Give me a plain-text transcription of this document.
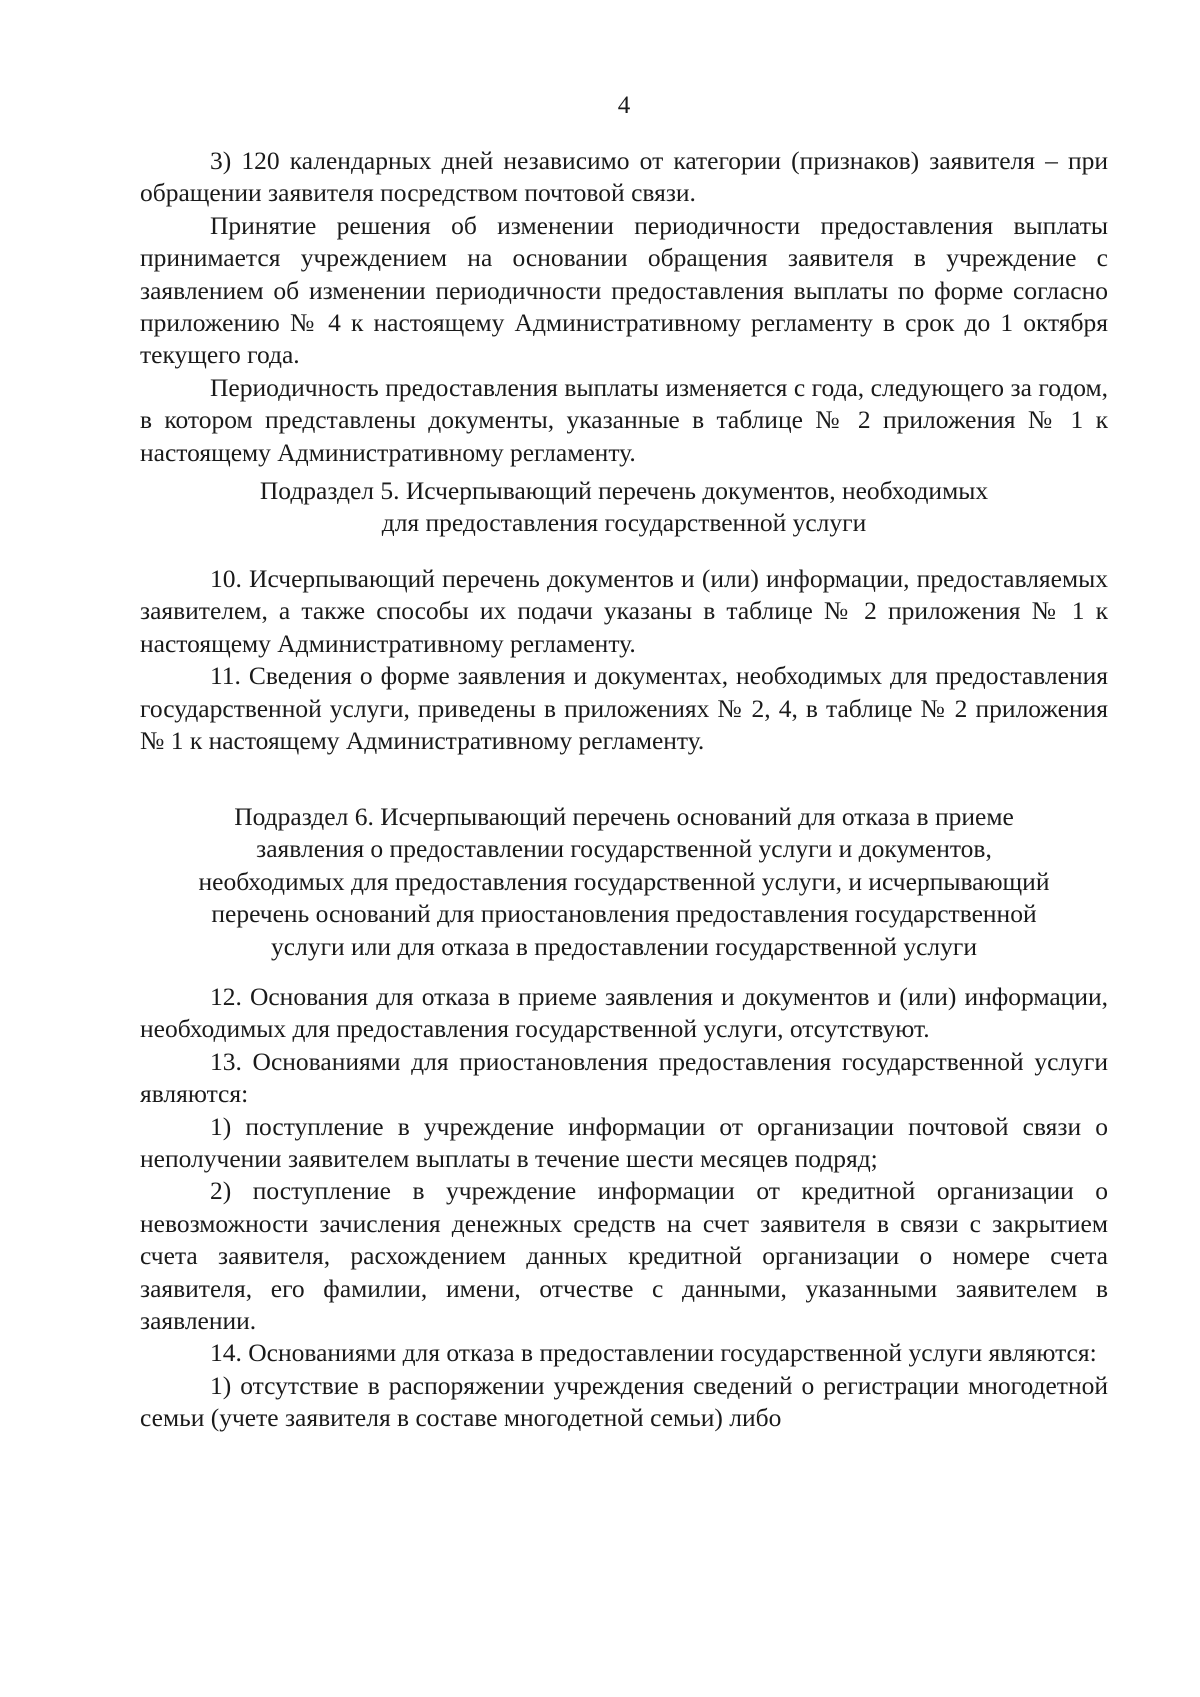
4

3) 120 календарных дней независимо от категории (признаков) заявителя – при обращении заявителя посредством почтовой связи.

Принятие решения об изменении периодичности предоставления выплаты принимается учреждением на основании обращения заявителя в учреждение с заявлением об изменении периодичности предоставления выплаты по форме согласно приложению № 4 к настоящему Административному регламенту в срок до 1 октября текущего года.

Периодичность предоставления выплаты изменяется с года, следующего за годом, в котором представлены документы, указанные в таблице № 2 приложения № 1 к настоящему Административному регламенту.

Подраздел 5. Исчерпывающий перечень документов, необходимых
для предоставления государственной услуги

10. Исчерпывающий перечень документов и (или) информации, предоставляемых заявителем, а также способы их подачи указаны в таблице № 2 приложения № 1 к настоящему Административному регламенту.

11. Сведения о форме заявления и документах, необходимых для предоставления государственной услуги, приведены в приложениях № 2, 4, в таблице № 2 приложения № 1 к настоящему Административному регламенту.

Подраздел 6. Исчерпывающий перечень оснований для отказа в приеме
заявления о предоставлении государственной услуги и документов,
необходимых для предоставления государственной услуги, и исчерпывающий
перечень оснований для приостановления предоставления государственной
услуги или для отказа в предоставлении государственной услуги

12. Основания для отказа в приеме заявления и документов и (или) информации, необходимых для предоставления государственной услуги, отсутствуют.

13. Основаниями для приостановления предоставления государственной услуги являются:

1) поступление в учреждение информации от организации почтовой связи о неполучении заявителем выплаты в течение шести месяцев подряд;

2) поступление в учреждение информации от кредитной организации о невозможности зачисления денежных средств на счет заявителя в связи с закрытием счета заявителя, расхождением данных кредитной организации о номере счета заявителя, его фамилии, имени, отчестве с данными, указанными заявителем в заявлении.

14. Основаниями для отказа в предоставлении государственной услуги являются:

1) отсутствие в распоряжении учреждения сведений о регистрации многодетной семьи (учете заявителя в составе многодетной семьи) либо
